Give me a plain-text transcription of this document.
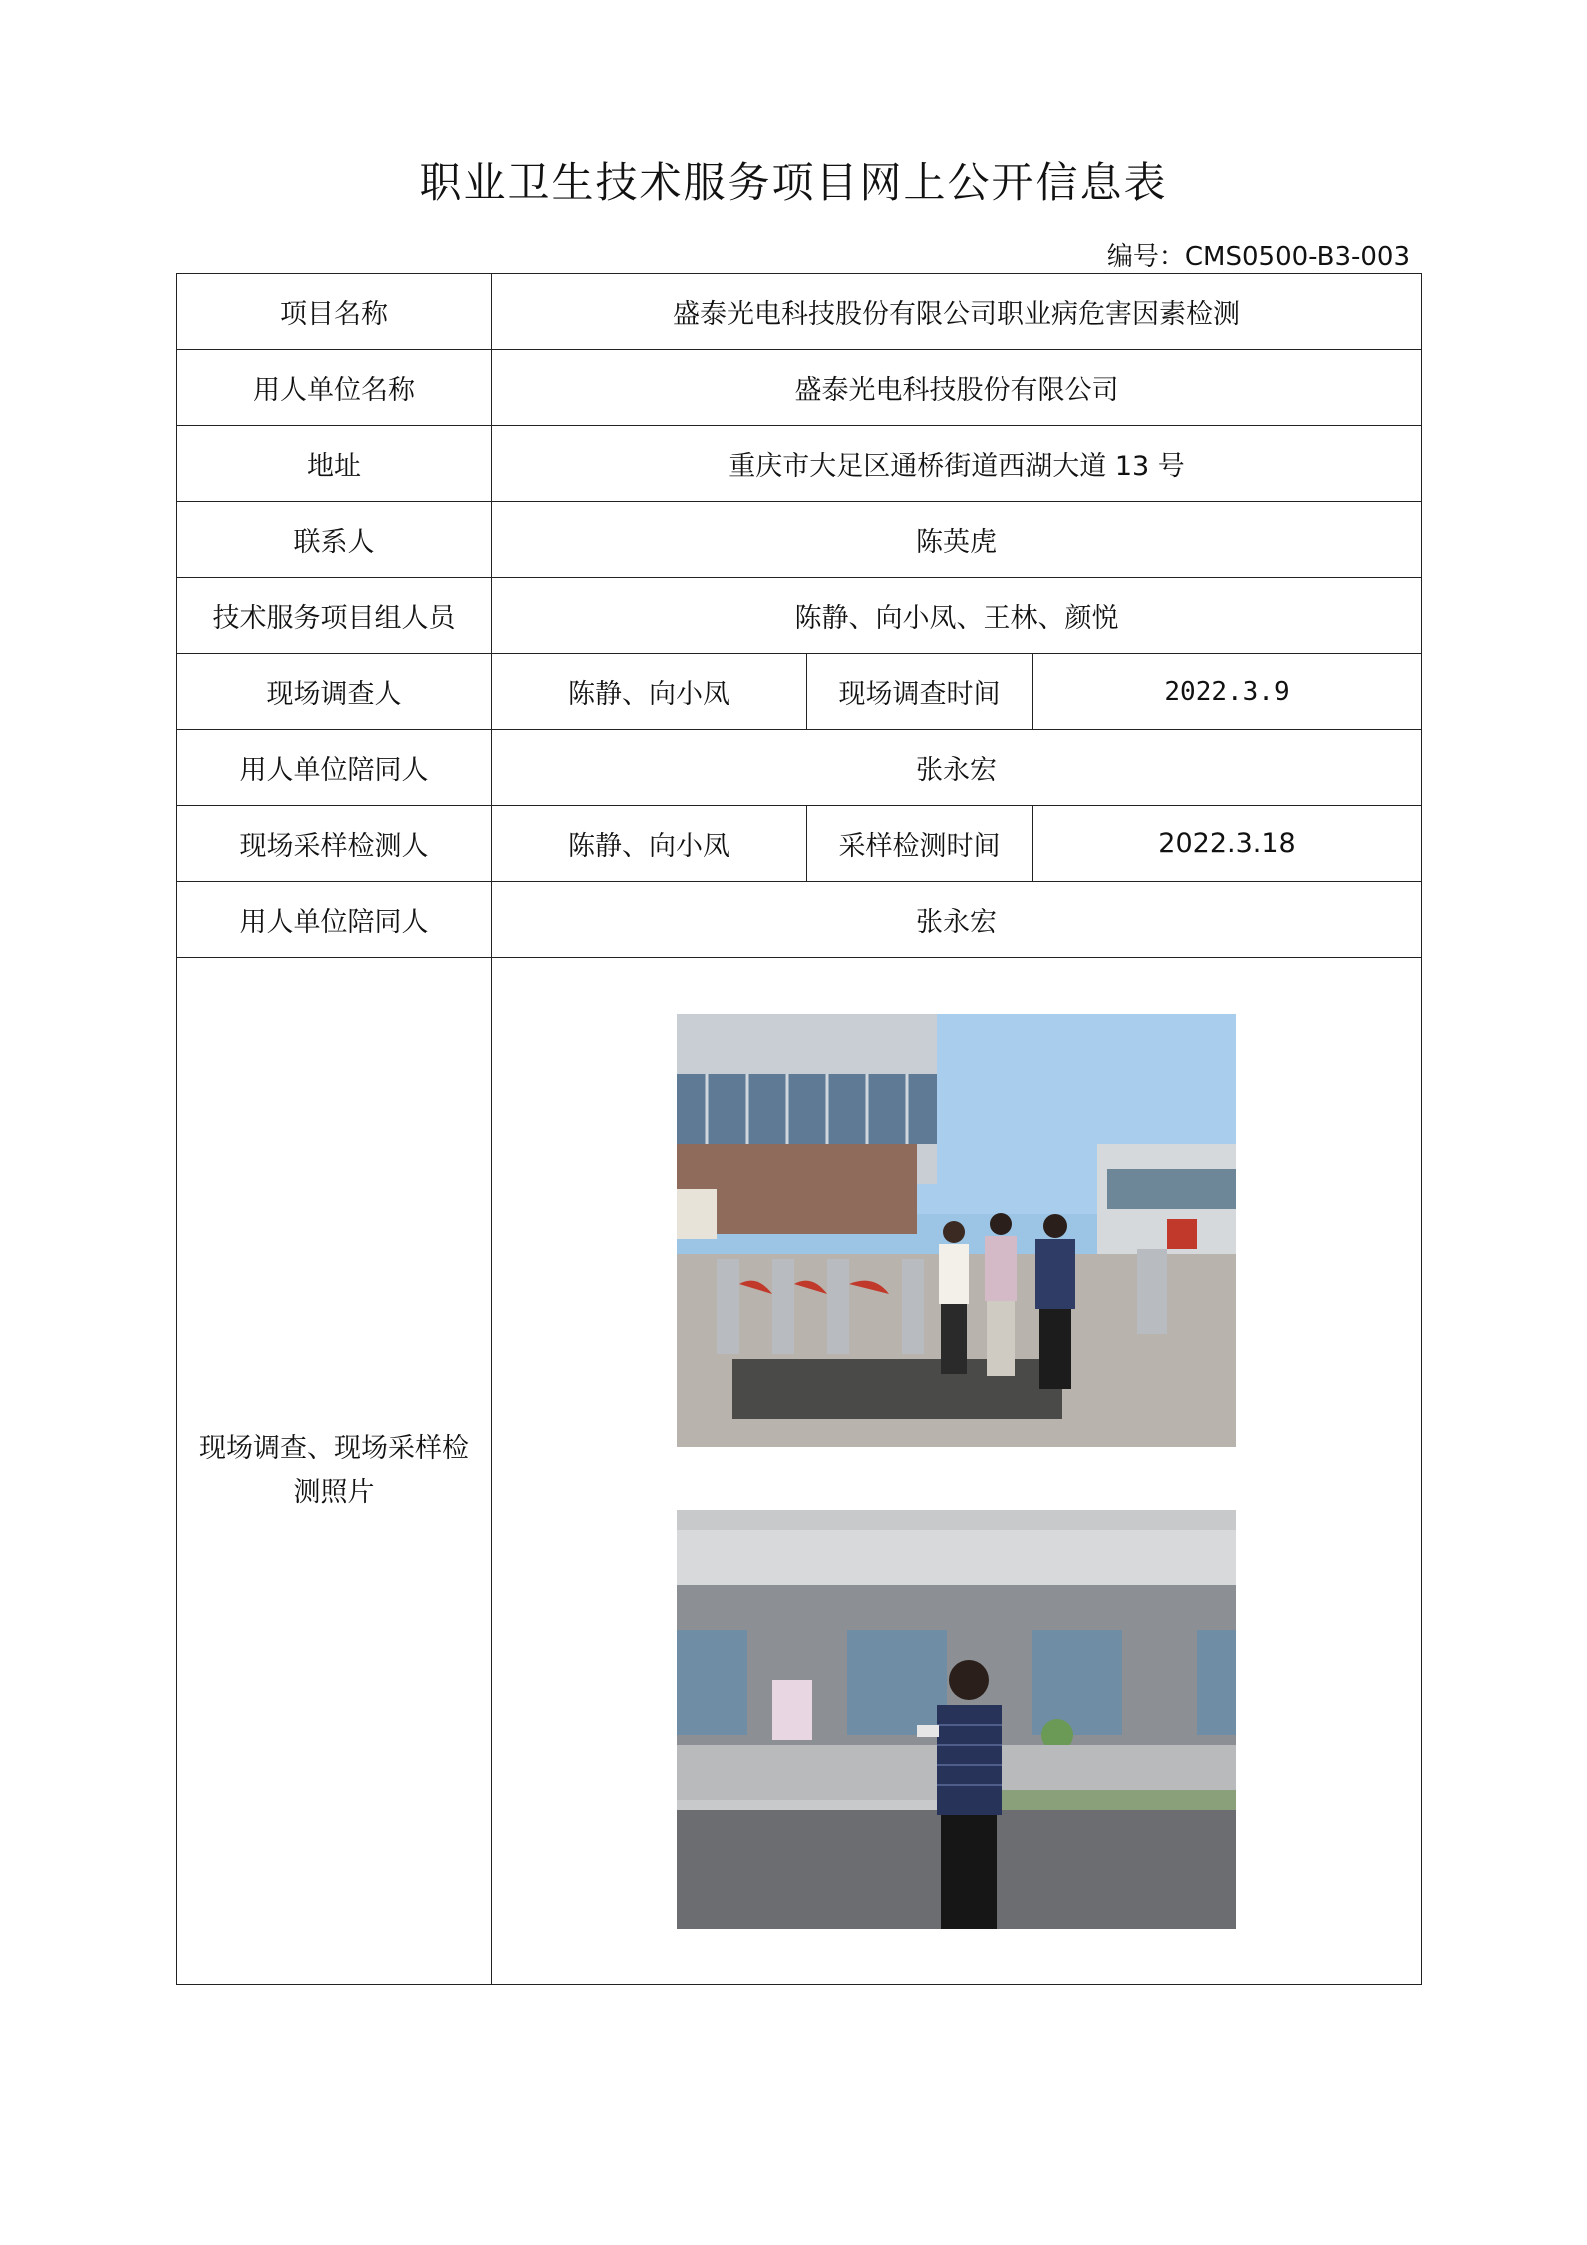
职业卫生技术服务项目网上公开信息表
编号：CMS0500-B3-003
项目名称	盛泰光电科技股份有限公司职业病危害因素检测		
用人单位名称	盛泰光电科技股份有限公司		
地址	重庆市大足区通桥街道西湖大道 13 号		
联系人	陈英虎		
技术服务项目组人员	陈静、向小凤、王林、颜悦		
现场调查人	陈静、向小凤	现场调查时间	2022.3.9
用人单位陪同人	张永宏		
现场采样检测人	陈静、向小凤	采样检测时间	2022.3.18
用人单位陪同人	张永宏		
现场调查、现场采样检测照片	
